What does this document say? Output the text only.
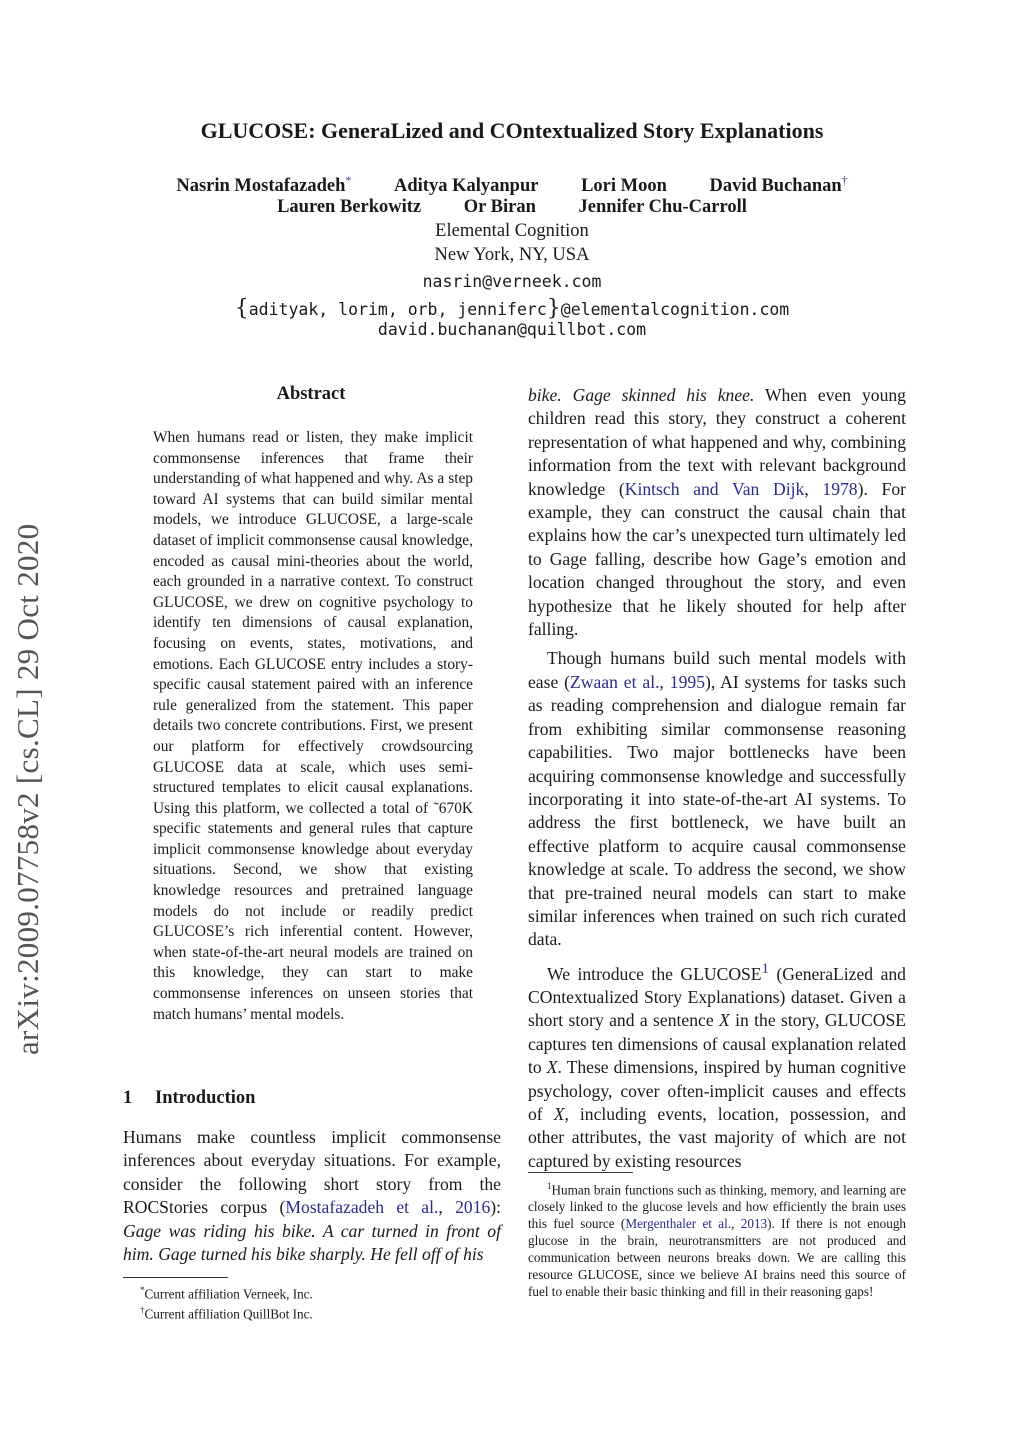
arXiv:2009.07758v2 [cs.CL] 29 Oct 2020
GLUCOSE: GeneraLized and COntextualized Story Explanations
Nasrin Mostafazadeh* Aditya Kalyanpur Lori Moon David Buchanan†
Lauren Berkowitz Or Biran Jennifer Chu-Carroll
Elemental Cognition
New York, NY, USA
nasrin@verneek.com
{adityak, lorim, orb, jenniferc}@elementalcognition.com
david.buchanan@quillbot.com
Abstract

When humans read or listen, they make implicit commonsense inferences that frame their understanding of what happened and why. As a step toward AI systems that can build similar mental models, we introduce GLUCOSE, a large-scale dataset of implicit commonsense causal knowledge, encoded as causal mini-theories about the world, each grounded in a narrative context. To construct GLUCOSE, we drew on cognitive psychology to identify ten dimensions of causal explanation, focusing on events, states, motivations, and emotions. Each GLUCOSE entry includes a story-specific causal statement paired with an inference rule generalized from the statement. This paper details two concrete contributions. First, we present our platform for effectively crowdsourcing GLUCOSE data at scale, which uses semi-structured templates to elicit causal explanations. Using this platform, we collected a total of ˜670K specific statements and general rules that capture implicit commonsense knowledge about everyday situations. Second, we show that existing knowledge resources and pretrained language models do not include or readily predict GLUCOSE’s rich inferential content. However, when state-of-the-art neural models are trained on this knowledge, they can start to make commonsense inferences on unseen stories that match humans’ mental models.

1 Introduction

Humans make countless implicit commonsense inferences about everyday situations. For example, consider the following short story from the ROCStories corpus (Mostafazadeh et al., 2016): Gage was riding his bike. A car turned in front of him. Gage turned his bike sharply. He fell off of his

bike. Gage skinned his knee. When even young children read this story, they construct a coherent representation of what happened and why, combining information from the text with relevant background knowledge (Kintsch and Van Dijk, 1978). For example, they can construct the causal chain that explains how the car’s unexpected turn ultimately led to Gage falling, describe how Gage’s emotion and location changed throughout the story, and even hypothesize that he likely shouted for help after falling.

Though humans build such mental models with ease (Zwaan et al., 1995), AI systems for tasks such as reading comprehension and dialogue remain far from exhibiting similar commonsense reasoning capabilities. Two major bottlenecks have been acquiring commonsense knowledge and successfully incorporating it into state-of-the-art AI systems. To address the first bottleneck, we have built an effective platform to acquire causal commonsense knowledge at scale. To address the second, we show that pre-trained neural models can start to make similar inferences when trained on such rich curated data.

We introduce the GLUCOSE$^1$ (GeneraLized and COntextualized Story Explanations) dataset. Given a short story and a sentence X in the story, GLUCOSE captures ten dimensions of causal explanation related to X. These dimensions, inspired by human cognitive psychology, cover often-implicit causes and effects of X, including events, location, possession, and other attributes, the vast majority of which are not captured by existing resources

$^1$Human brain functions such as thinking, memory, and learning are closely linked to the glucose levels and how efficiently the brain uses this fuel source (Mergenthaler et al., 2013). If there is not enough glucose in the brain, neurotransmitters are not produced and communication between neurons breaks down. We are calling this resource GLUCOSE, since we believe AI brains need this source of fuel to enable their basic thinking and fill in their reasoning gaps!

*Current affiliation Verneek, Inc.
†Current affiliation QuillBot Inc.
